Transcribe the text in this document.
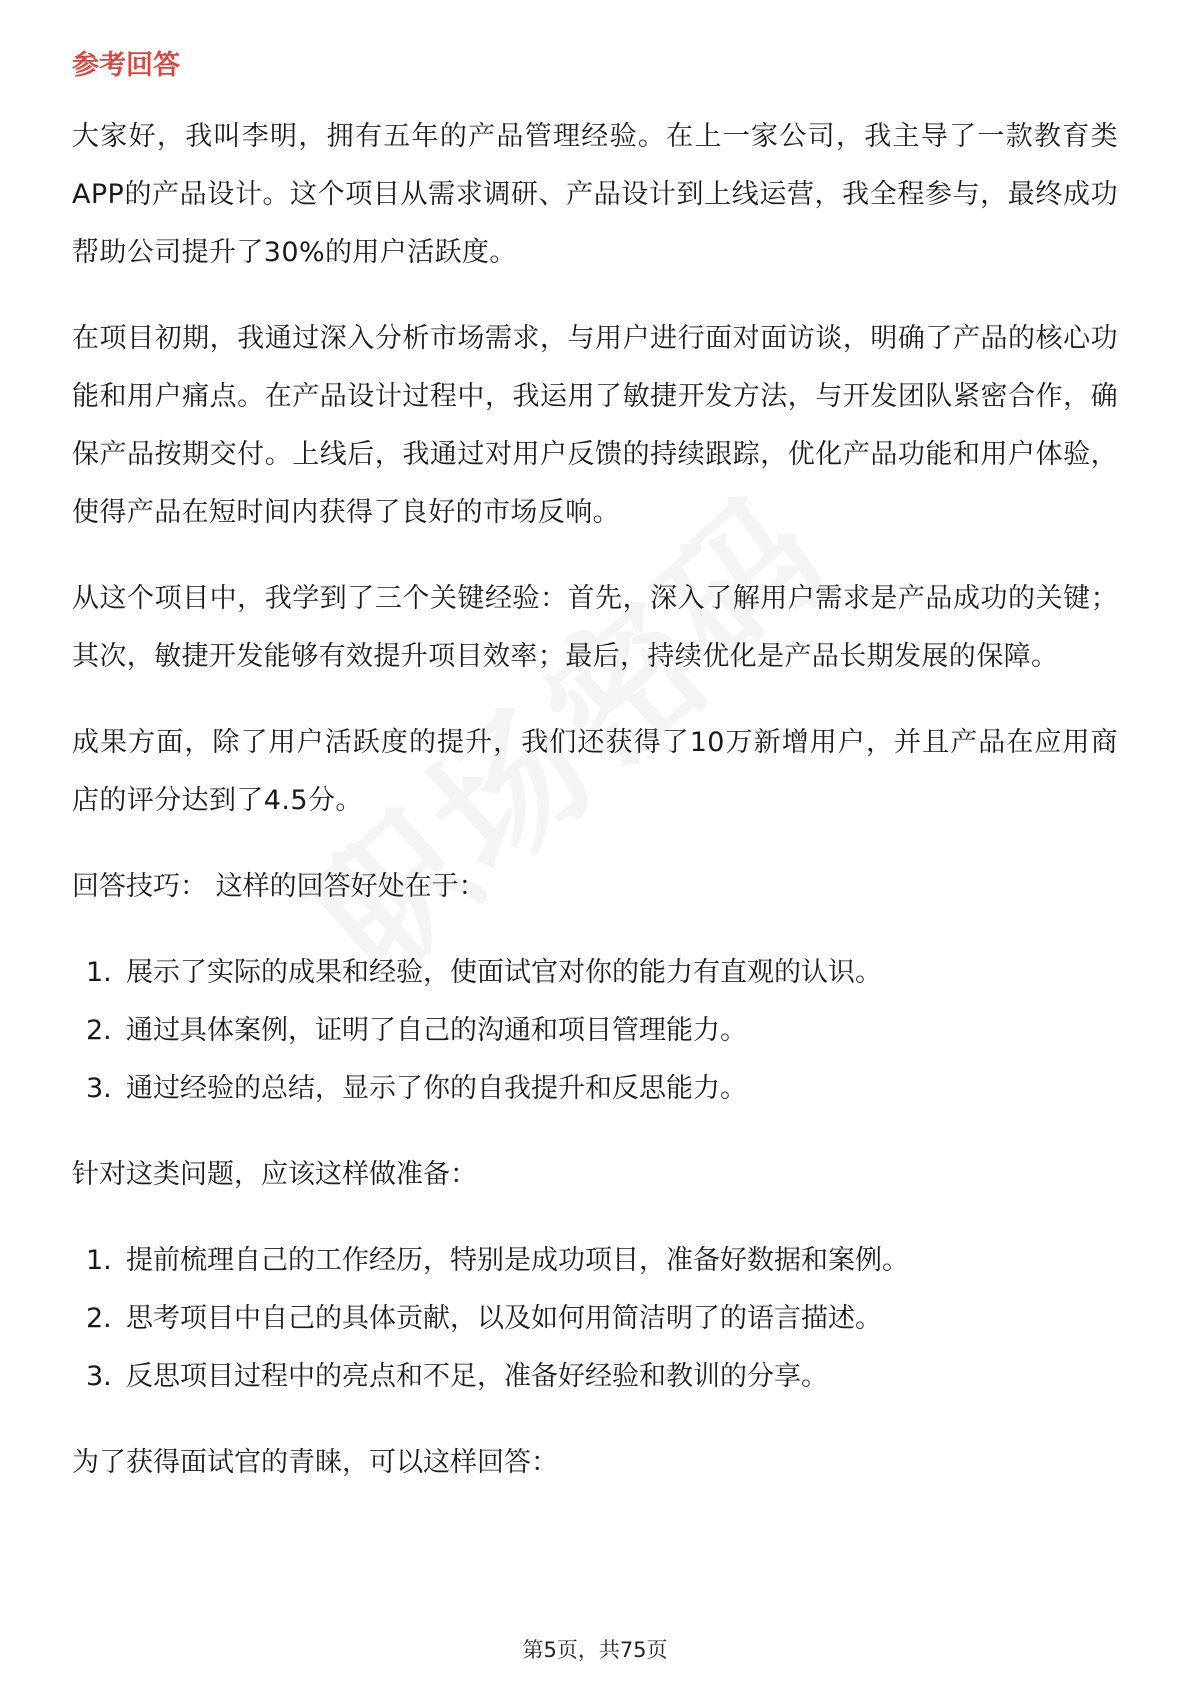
参考回答

大家好，我叫李明，拥有五年的产品管理经验。在上一家公司，我主导了一款教育类APP的产品设计。这个项目从需求调研、产品设计到上线运营，我全程参与，最终成功帮助公司提升了30%的用户活跃度。

在项目初期，我通过深入分析市场需求，与用户进行面对面访谈，明确了产品的核心功能和用户痛点。在产品设计过程中，我运用了敏捷开发方法，与开发团队紧密合作，确保产品按期交付。上线后，我通过对用户反馈的持续跟踪，优化产品功能和用户体验，使得产品在短时间内获得了良好的市场反响。

从这个项目中，我学到了三个关键经验：首先，深入了解用户需求是产品成功的关键；其次，敏捷开发能够有效提升项目效率；最后，持续优化是产品长期发展的保障。

成果方面，除了用户活跃度的提升，我们还获得了10万新增用户，并且产品在应用商店的评分达到了4.5分。

回答技巧： 这样的回答好处在于：
1. 展示了实际的成果和经验，使面试官对你的能力有直观的认识。
2. 通过具体案例，证明了自己的沟通和项目管理能力。
3. 通过经验的总结，显示了你的自我提升和反思能力。
针对这类问题，应该这样做准备：
1. 提前梳理自己的工作经历，特别是成功项目，准备好数据和案例。
2. 思考项目中自己的具体贡献，以及如何用简洁明了的语言描述。
3. 反思项目过程中的亮点和不足，准备好经验和教训的分享。
为了获得面试官的青睐，可以这样回答：
第5页，共75页
